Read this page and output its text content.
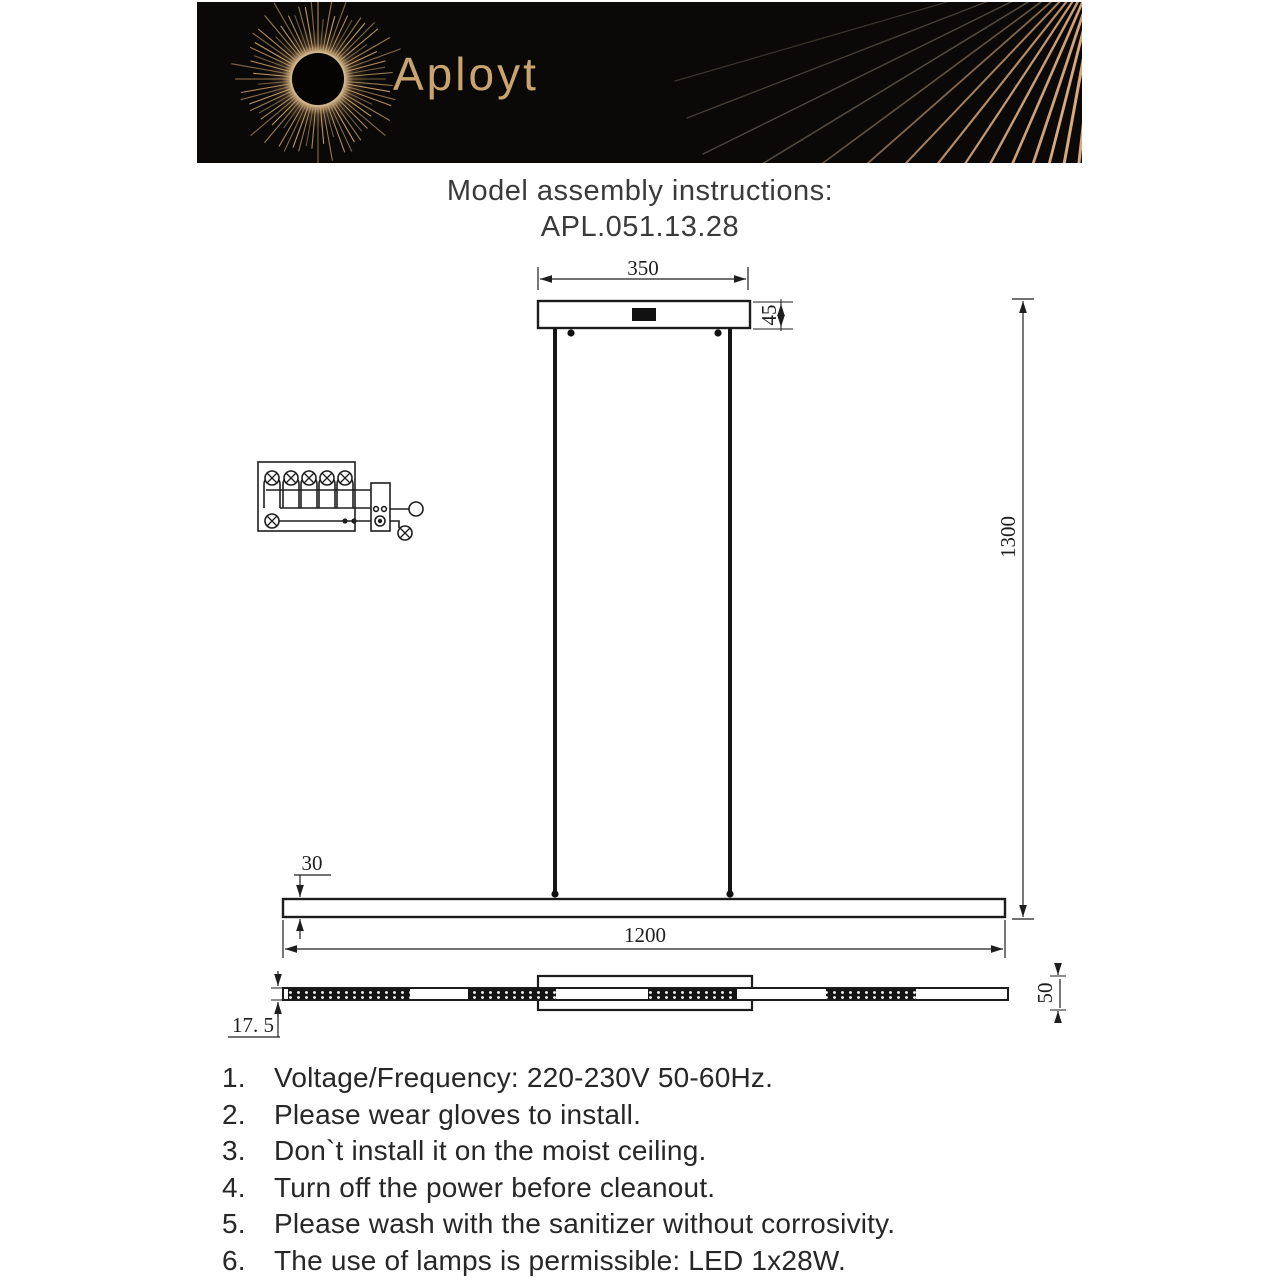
Aployt
Model assembly instructions:
APL.051.13.28
350
45
1300
30
1200
17. 5
50
1.	Voltage/Frequency: 220-230V 50-60Hz.
2.	Please wear gloves to install.
3.	Don`t install it on the moist ceiling.
4.	Turn off the power before cleanout.
5.	Please wash with the sanitizer without corrosivity.
6.	The use of lamps is permissible: LED 1x28W.
